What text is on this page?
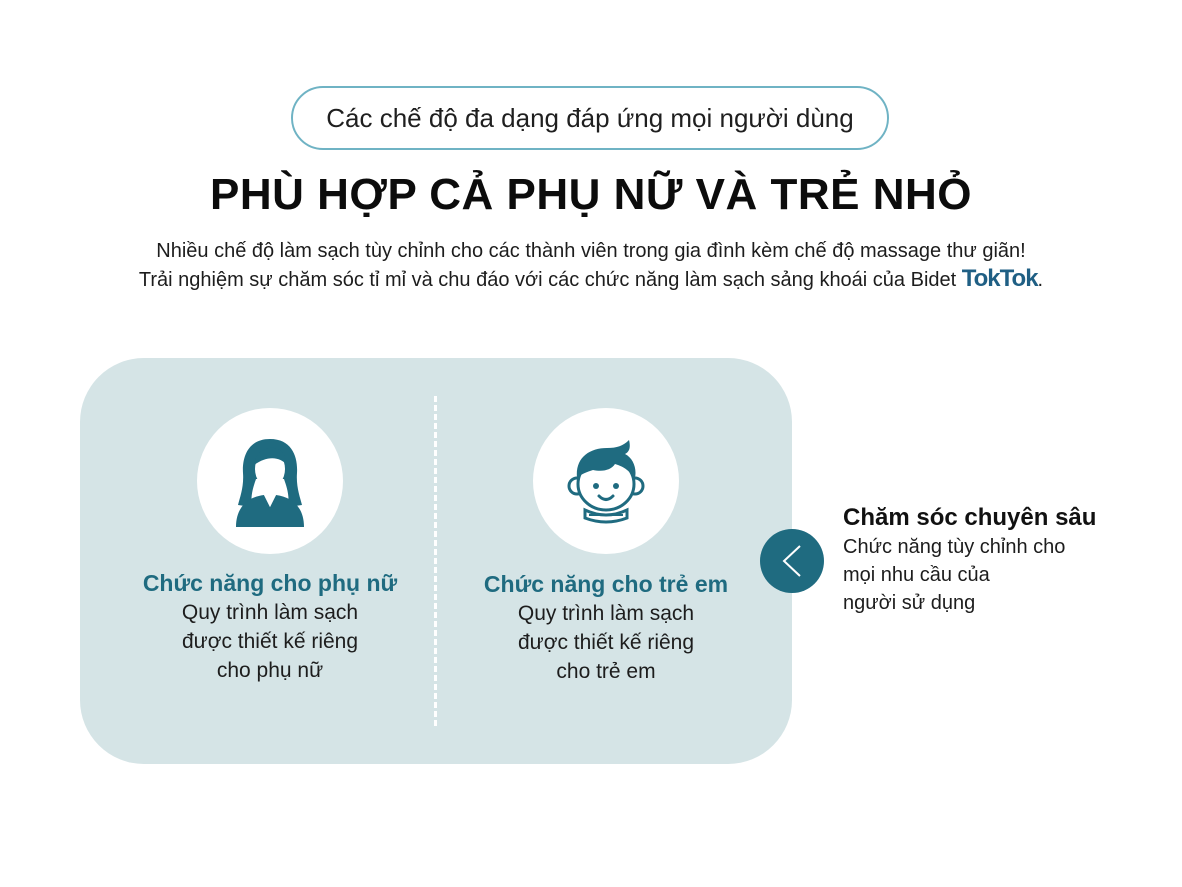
Các chế độ đa dạng đáp ứng mọi người dùng
PHÙ HỢP CẢ PHỤ NỮ VÀ TRẺ NHỎ
Nhiều chế độ làm sạch tùy chỉnh cho các thành viên trong gia đình kèm chế độ massage thư giãn!
Trải nghiệm sự chăm sóc tỉ mỉ và chu đáo với các chức năng làm sạch sảng khoái của Bidet TokTok.
Chức năng cho phụ nữ
Quy trình làm sạch
được thiết kế riêng
cho phụ nữ
Chức năng cho trẻ em
Quy trình làm sạch
được thiết kế riêng
cho trẻ em
Chăm sóc chuyên sâu
Chức năng tùy chỉnh cho
mọi nhu cầu của
người sử dụng
